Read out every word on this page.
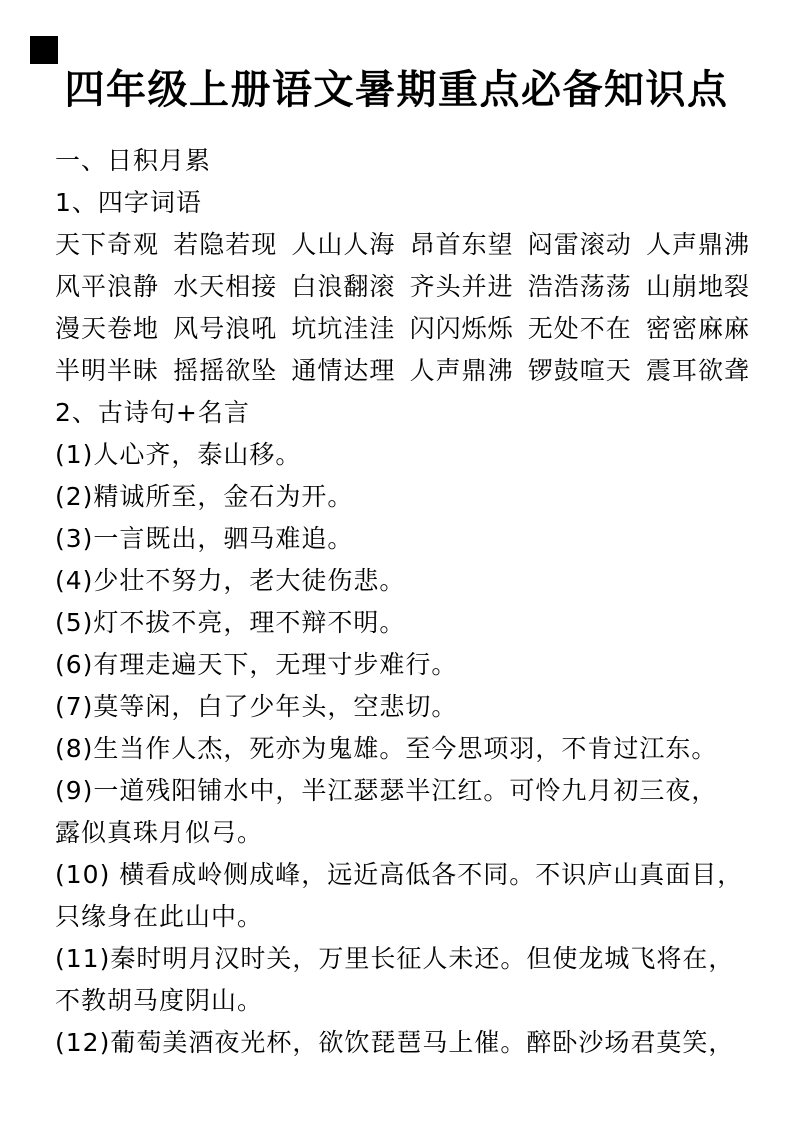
四年级上册语文暑期重点必备知识点
一、日积月累
1、四字词语
天下奇观 若隐若现 人山人海 昂首东望 闷雷滚动 人声鼎沸
风平浪静 水天相接 白浪翻滚 齐头并进 浩浩荡荡 山崩地裂
漫天卷地 风号浪吼 坑坑洼洼 闪闪烁烁 无处不在 密密麻麻
半明半昧 摇摇欲坠 通情达理 人声鼎沸 锣鼓喧天 震耳欲聋
2、古诗句+名言
(1)人心齐，泰山移。
(2)精诚所至，金石为开。
(3)一言既出，驷马难追。
(4)少壮不努力，老大徒伤悲。
(5)灯不拔不亮，理不辩不明。
(6)有理走遍天下，无理寸步难行。
(7)莫等闲，白了少年头，空悲切。
(8)生当作人杰，死亦为鬼雄。至今思项羽，不肯过江东。
(9)一道残阳铺水中，半江瑟瑟半江红。可怜九月初三夜，
露似真珠月似弓。
(10) 横看成岭侧成峰，远近高低各不同。不识庐山真面目，
只缘身在此山中。
(11)秦时明月汉时关，万里长征人未还。但使龙城飞将在，
不教胡马度阴山。
(12)葡萄美酒夜光杯，欲饮琵琶马上催。醉卧沙场君莫笑，
